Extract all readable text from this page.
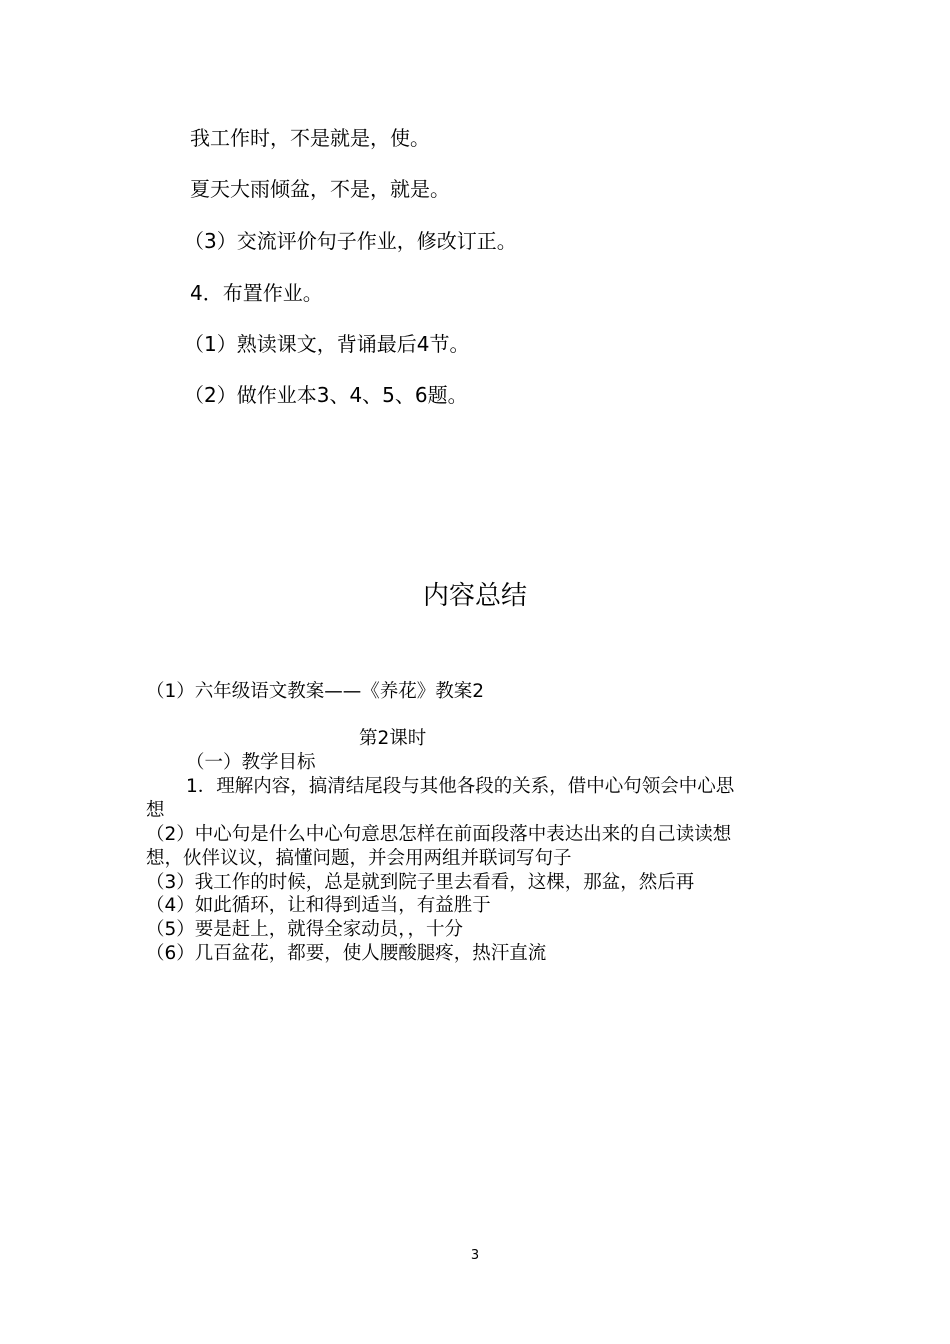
我工作时，不是就是，使。
夏天大雨倾盆，不是，就是。
（3）交流评价句子作业，修改订正。
4．布置作业。
（1）熟读课文，背诵最后4节。
（2）做作业本3、4、5、6题。
内容总结
（1）六年级语文教案——《养花》教案2
第2课时
（一）教学目标
1．理解内容，搞清结尾段与其他各段的关系，借中心句领会中心思
想
（2）中心句是什么中心句意思怎样在前面段落中表达出来的自己读读想
想，伙伴议议，搞懂问题，并会用两组并联词写句子
（3）我工作的时候，总是就到院子里去看看，这棵，那盆，然后再
（4）如此循环，让和得到适当，有益胜于
（5）要是赶上，就得全家动员，，十分
（6）几百盆花，都要，使人腰酸腿疼，热汗直流
3
